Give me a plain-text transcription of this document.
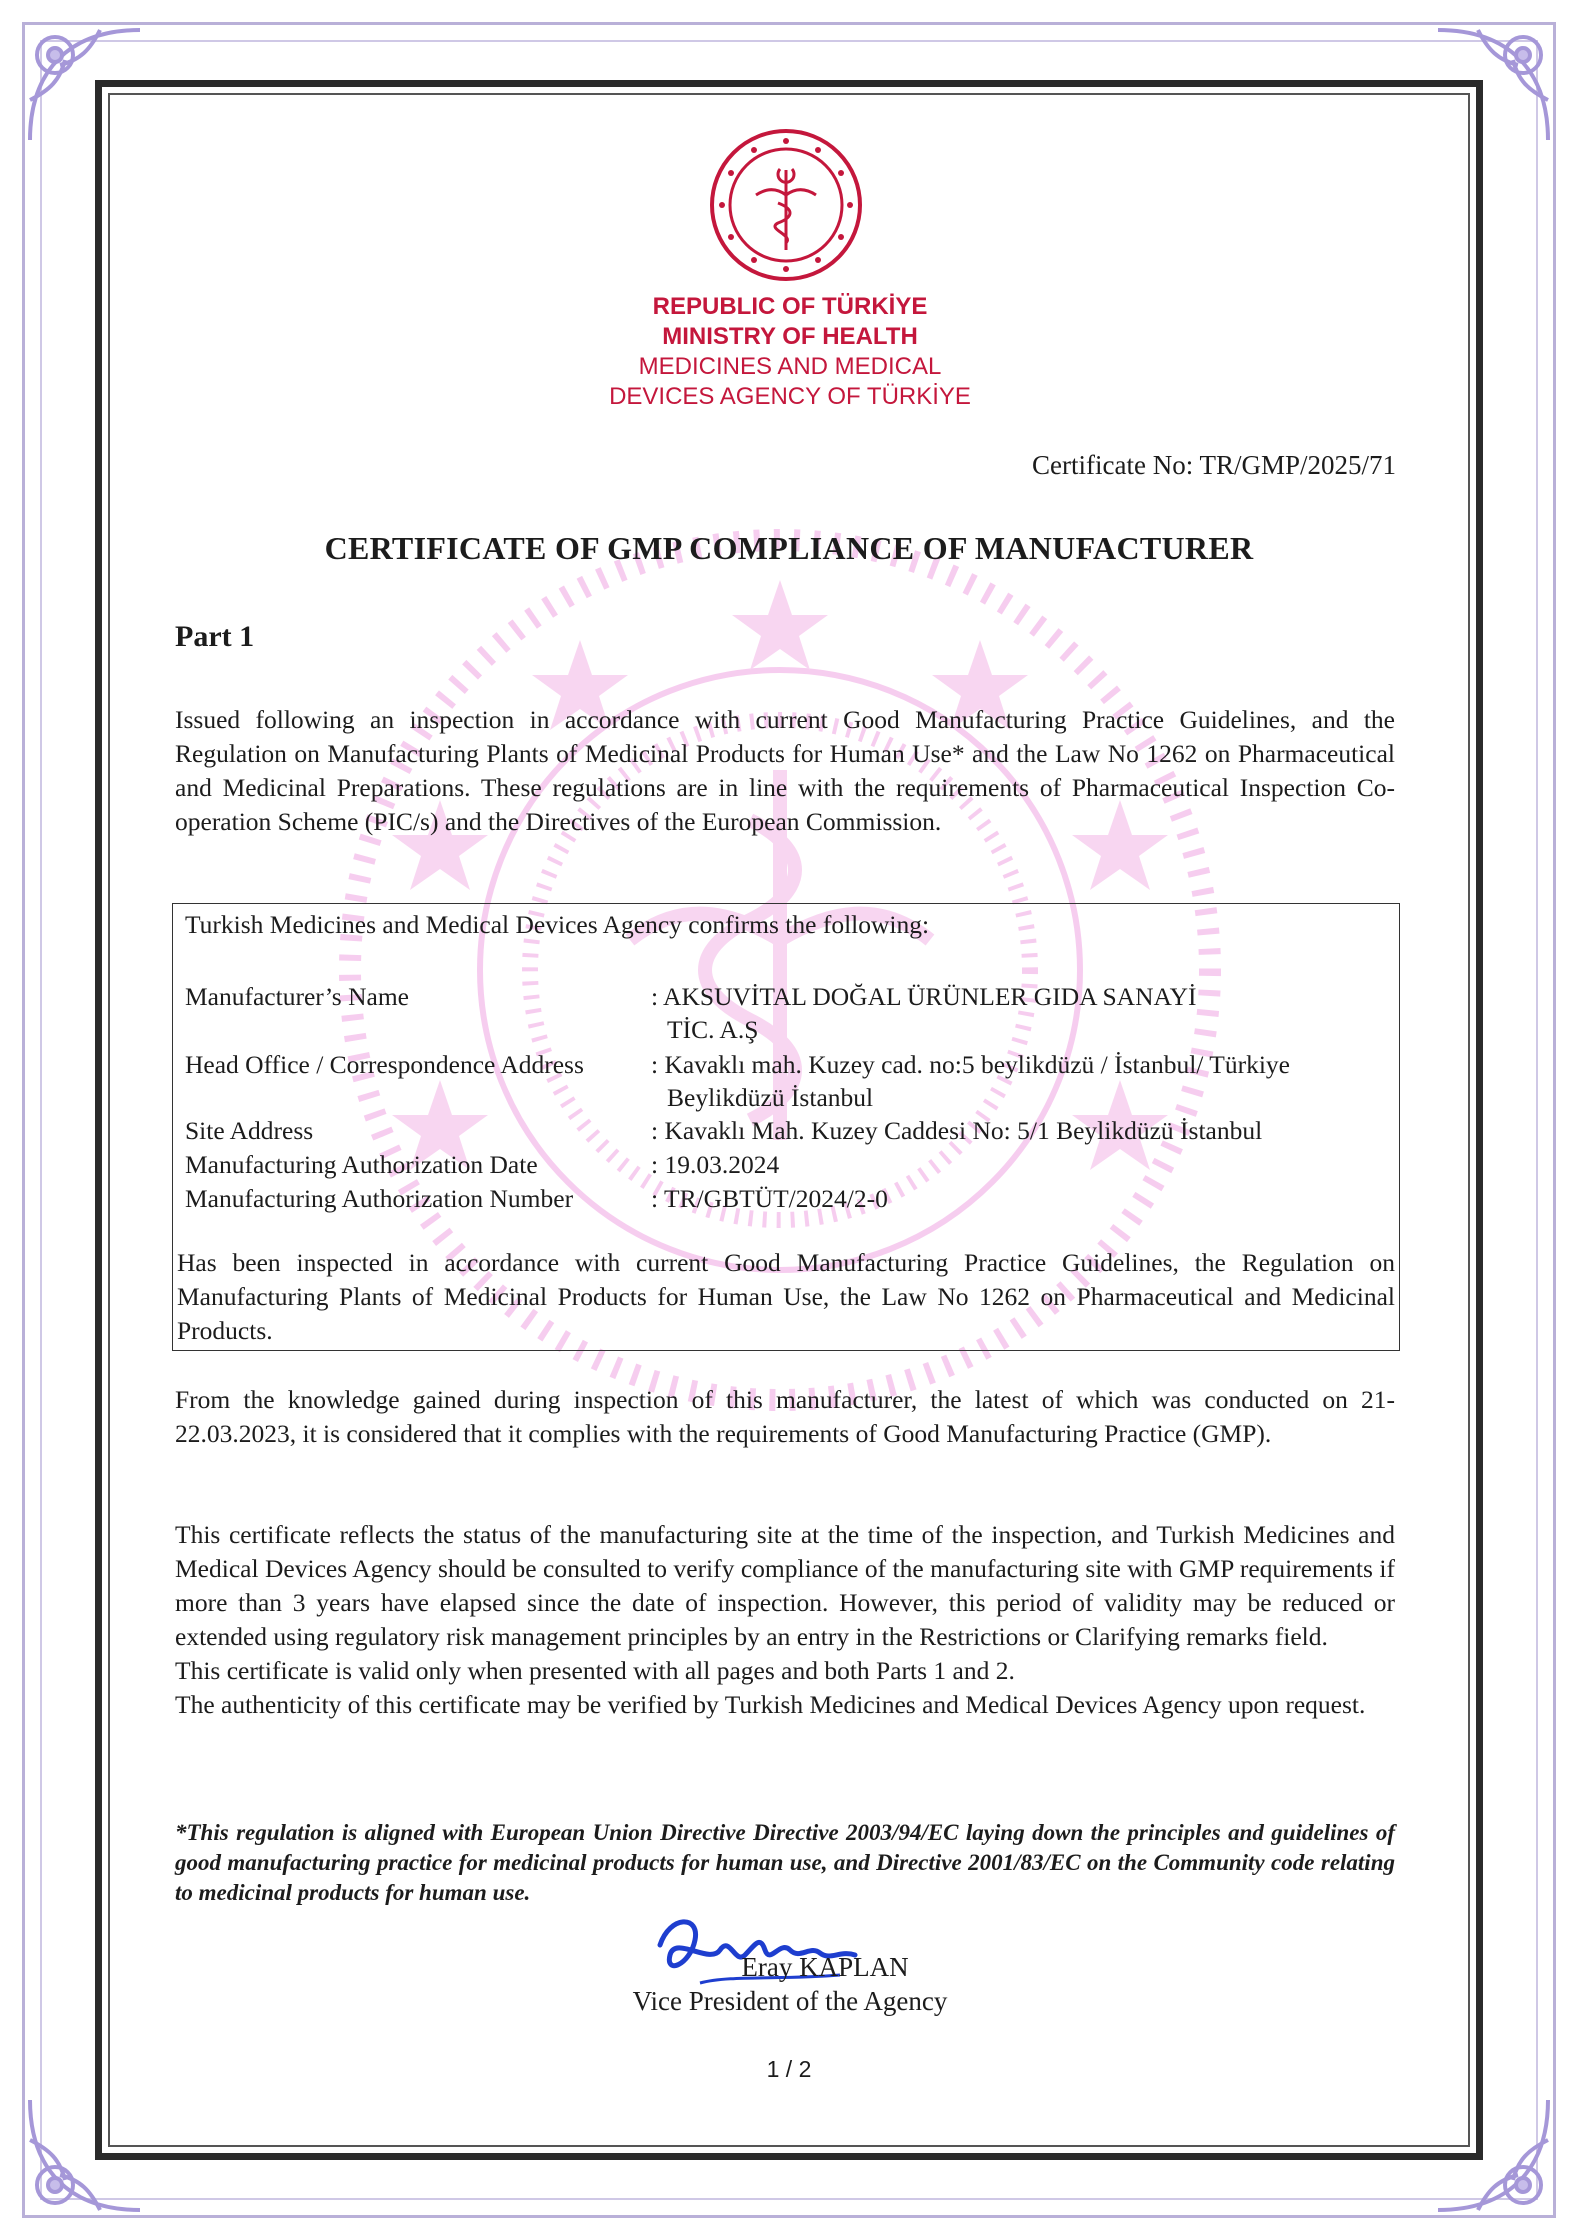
REPUBLIC OF TÜRKİYE
MINISTRY OF HEALTH
MEDICINES AND MEDICAL
DEVICES AGENCY OF TÜRKİYE
Certificate No: TR/GMP/2025/71
CERTIFICATE OF GMP COMPLIANCE OF MANUFACTURER
Part 1
Issued following an inspection in accordance with current Good Manufacturing Practice Guidelines, and the Regulation on Manufacturing Plants of Medicinal Products for Human Use* and the Law No 1262 on Pharmaceutical and Medicinal Preparations. These regulations are in line with the requirements of Pharmaceutical Inspection Co-operation Scheme (PIC/s) and the Directives of the European Commission.
Turkish Medicines and Medical Devices Agency confirms the following:
Manufacturer’s Name	: AKSUVİTAL DOĞAL ÜRÜNLER GIDA SANAYİ
TİC. A.Ş
Head Office / Correspondence Address	: Kavaklı mah. Kuzey cad. no:5 beylikdüzü / İstanbul/ Türkiye
Beylikdüzü İstanbul
Site Address	: Kavaklı Mah. Kuzey Caddesi No: 5/1 Beylikdüzü İstanbul
Manufacturing Authorization Date	: 19.03.2024
Manufacturing Authorization Number	: TR/GBTÜT/2024/2-0
Has been inspected in accordance with current Good Manufacturing Practice Guidelines, the Regulation on Manufacturing Plants of Medicinal Products for Human Use, the Law No 1262 on Pharmaceutical and Medicinal Products.
From the knowledge gained during inspection of this manufacturer, the latest of which was conducted on 21-22.03.2023, it is considered that it complies with the requirements of Good Manufacturing Practice (GMP).
This certificate reflects the status of the manufacturing site at the time of the inspection, and Turkish Medicines and Medical Devices Agency should be consulted to verify compliance of the manufacturing site with GMP requirements if more than 3 years have elapsed since the date of inspection. However, this period of validity may be reduced or extended using regulatory risk management principles by an entry in the Restrictions or Clarifying remarks field.
This certificate is valid only when presented with all pages and both Parts 1 and 2.
The authenticity of this certificate may be verified by Turkish Medicines and Medical Devices Agency upon request.
*This regulation is aligned with European Union Directive Directive 2003/94/EC laying down the principles and guidelines of good manufacturing practice for medicinal products for human use, and Directive 2001/83/EC on the Community code relating to medicinal products for human use.
Eray KAPLAN
Vice President of the Agency
1 / 2
